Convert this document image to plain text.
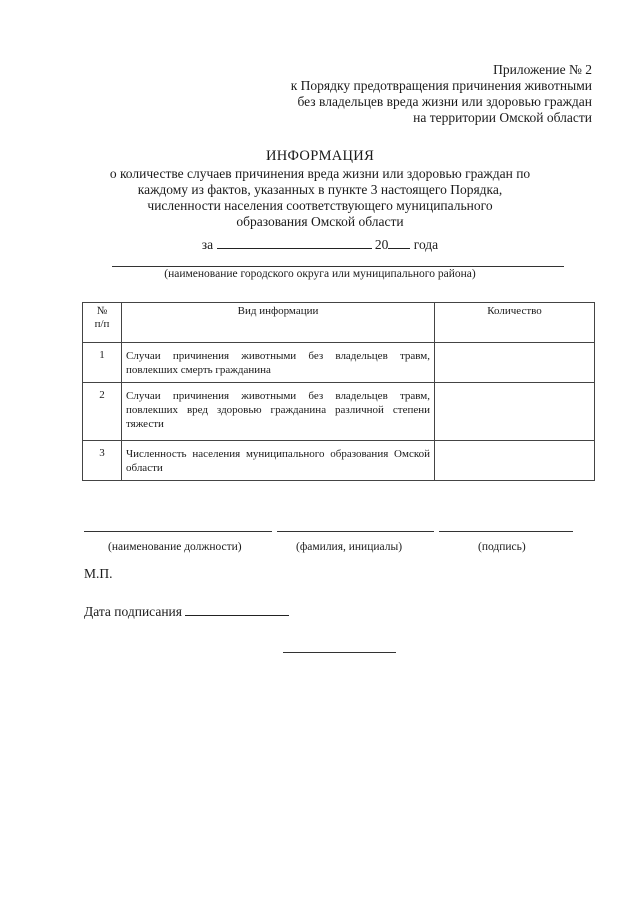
Приложение № 2
к Порядку предотвращения причинения животными
без владельцев вреда жизни или здоровью граждан
на территории Омской области
ИНФОРМАЦИЯ
о количестве случаев причинения вреда жизни или здоровью граждан по
каждому из фактов, указанных в пункте 3 настоящего Порядка,
численности населения соответствующего муниципального
образования Омской области
за	20 года
(наименование городского округа или муниципального района)
№
п/п	Вид информации	Количество
1	Случаи причинения животными без владельцев травм, повлекших смерть гражданина	
2	Случаи причинения животными без владельцев травм, повлекших вред здоровью гражданина различной степени тяжести	
3	Численность населения муниципального образования Омской области	
(наименование должности)	(фамилия, инициалы)	(подпись)
М.П.
Дата подписания
